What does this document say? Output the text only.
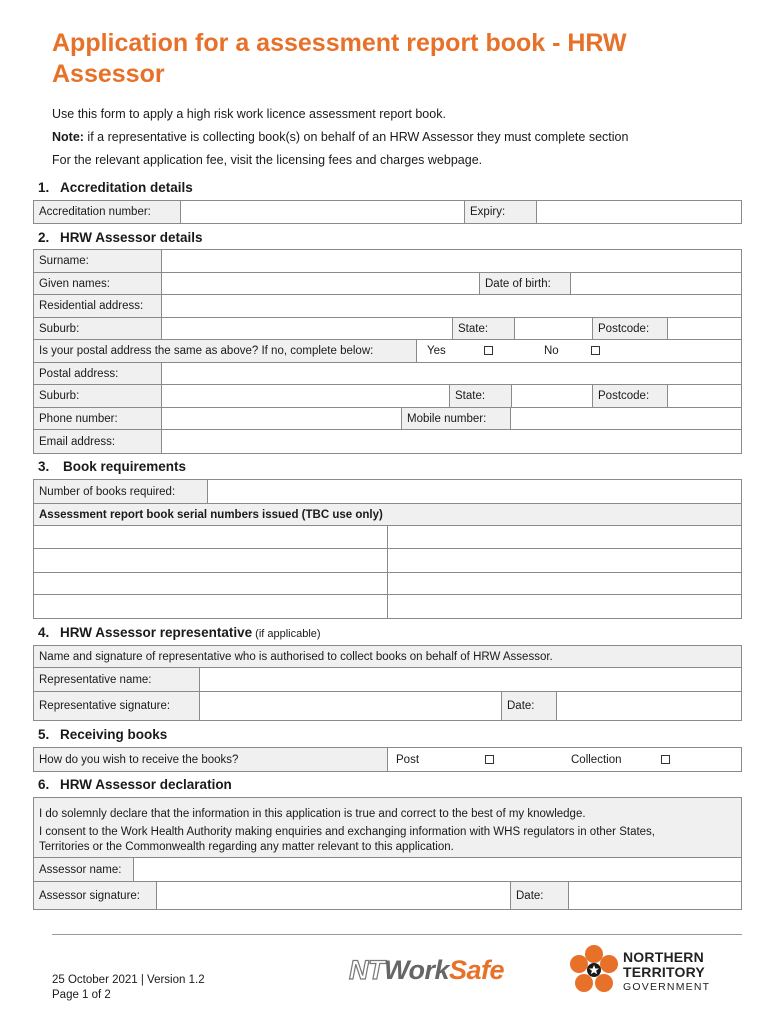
Application for a assessment report book - HRW Assessor
Use this form to apply a high risk work licence assessment report book.
Note: if a representative is collecting book(s) on behalf of an HRW Assessor they must complete section
For the relevant application fee, visit the licensing fees and charges webpage.
1. Accreditation details
Accreditation number:	Expiry:
2. HRW Assessor details
Surname:
Given names:	Date of birth:
Residential address:
Suburb:	State:	Postcode:
Is your postal address the same as above? If no, complete below:	Yes	No
Postal address:
Suburb:	State:	Postcode:
Phone number:	Mobile number:
Email address:
3. Book requirements
Number of books required:
Assessment report book serial numbers issued (TBC use only)
4. HRW Assessor representative (if applicable)
Name and signature of representative who is authorised to collect books on behalf of HRW Assessor.
Representative name:
Representative signature:	Date:
5. Receiving books
How do you wish to receive the books?	Post	Collection
6. HRW Assessor declaration
I do solemnly declare that the information in this application is true and correct to the best of my knowledge.
I consent to the Work Health Authority making enquiries and exchanging information with WHS regulators in other States,
Territories or the Commonwealth regarding any matter relevant to this application.
Assessor name:
Assessor signature:	Date:
25 October 2021 | Version 1.2
Page 1 of 2
NTWorkSafe	NORTHERN
TERRITORY
GOVERNMENT
